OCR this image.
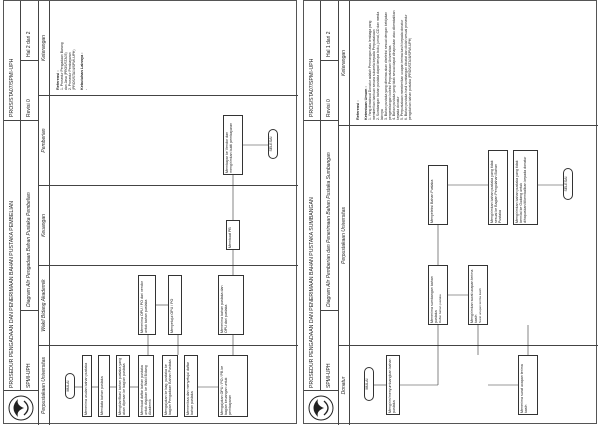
PROSEDUR PENGADAAN DAN PENERIMAAN BAHAN PUSTAKA PEMBELIAN
PROS/STA07/SPMI-UPH
SPMI-UPH
Diagram Alir Pengadaan Bahan Pustaka Pembelian
Revisi 0
Hal 2 dari 2
Perpustakaan Universitas
Wakil Bidang Akademik
Keuangan
Pemberian
Keterangan
MULAI	Menerima usulan bahan pustaka	Mendata bahan pustaka	Mengklarifikasi bahan pustaka yang akan dipesan ke bagian pustaka	Membuat daftar bahan pustaka untuk diajukan ke Wakil Bidang Akademik	Mengajukan ke bag. pustaka ke bagian Pengadaan Bahan Pustaka	Memeriksa dan menyetujui daftar bahan pustaka	Mengajukan OPU / PO / PB ke bagian keuangan untuk pembayaran
Menerima OPU / PO dari vendor untuk bahan pustaka	Menyetujui OPU / PO	Menerima bahan pustaka dan OPU dari pustaka
Membuat PB
Membayar ke Vendor dan mengirimkan bukti pembayaran	SELESAI
Referensi :
1. Prosedur Pengadaan Barang
dan Jasa (PROS/STA05)
2. Prosedur Pembayaran
(PROS/STA04/SPMI-UPH) Kebutuhan Lainnya :
-
PROSEDUR PENGADAAN DAN PENERIMAAN BAHAN PUSTAKA SUMBANGAN
PROS/STA07/SPMI-UPH
SPMI-UPH
Diagram Alir Pemberian dan Penerimaan Bahan Pustaka Sumbangan
Revisi 0
Hal 1 dari 2
Donatur
Perpustakaan Universitas
Keterangan
MULAI	Mengirim/menyumbangkan bahan pustaka
Menerima sumbangan bahan pustaka
Daftar bahan pustaka	Mengirimkan surat ucapan terima kasih
Surat ucapan terima kasih
Menerima surat ucapan terima kasih
Menyeleksi Bahan Pustaka	Mengirimkan bahan pustaka yang tidak sesuai ke Bagian Pengolahan Bahan Pustaka	Mengirimkan bahan pustaka yang tidak bernilai ke Gudang untuk dihapuskan/dikembalikan kepada donatur	SELESAI
Referensi : Ketentuan Umum :
1. Yang dimaksud Donatur adalah Perorangan atau lembaga yang memberikan bantuan secara sukarela kepada Perpustakaan
2. Sumbangan bahan pustaka dapat berupa buku, jurnal, CD dan media lainnya
3. Bahan pustaka yang diterima akan diseleksi sesuai dengan kebijakan pengembangan koleksi Perpustakaan Universitas
4. Bahan pustaka yang tidak sesuai dapat dihapuskan atau dikembalikan kepada donatur
5. Perpustakaan memberikan ucapan terima kasih kepada donatur
6. Bahan pustaka hasil sumbangan dicatat dan diolah sesuai prosedur pengolahan bahan pustaka (PROS/STA08/SPMI-UPH)
